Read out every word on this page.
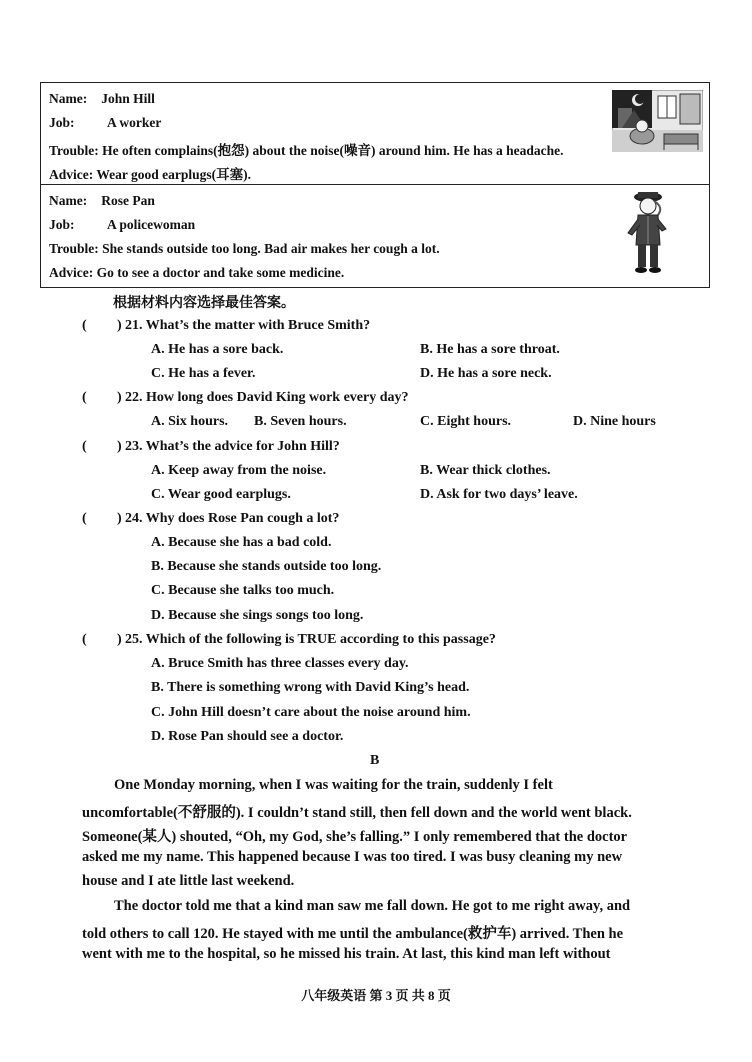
Name: John Hill
Job: A worker
Trouble: He often complains(抱怨) about the noise(噪音) around him. He has a headache.
Advice: Wear good earplugs(耳塞).
Name: Rose Pan
Job: A policewoman
Trouble: She stands outside too long. Bad air makes her cough a lot.
Advice: Go to see a doctor and take some medicine.
根据材料内容选择最佳答案。
( ) 21. What’s the matter with Bruce Smith?
A. He has a sore back.	B. He has a sore throat.
C. He has a fever.	D. He has a sore neck.
( ) 22. How long does David King work every day?
A. Six hours. B. Seven hours.	C. Eight hours.	D. Nine hours
( ) 23. What’s the advice for John Hill?
A. Keep away from the noise.	B. Wear thick clothes.
C. Wear good earplugs.	D. Ask for two days’ leave.
( ) 24. Why does Rose Pan cough a lot?
A. Because she has a bad cold.
B. Because she stands outside too long.
C. Because she talks too much.
D. Because she sings songs too long.
( ) 25. Which of the following is TRUE according to this passage?
A. Bruce Smith has three classes every day.
B. There is something wrong with David King’s head.
C. John Hill doesn’t care about the noise around him.
D. Rose Pan should see a doctor.
B
One Monday morning, when I was waiting for the train, suddenly I felt
uncomfortable(不舒服的). I couldn’t stand still, then fell down and the world went black.
Someone(某人) shouted, “Oh, my God, she’s falling.” I only remembered that the doctor
asked me my name. This happened because I was too tired. I was busy cleaning my new
house and I ate little last weekend.
The doctor told me that a kind man saw me fall down. He got to me right away, and
told others to call 120. He stayed with me until the ambulance(救护车) arrived. Then he
went with me to the hospital, so he missed his train. At last, this kind man left without
八年级英语 第 3 页 共 8 页
